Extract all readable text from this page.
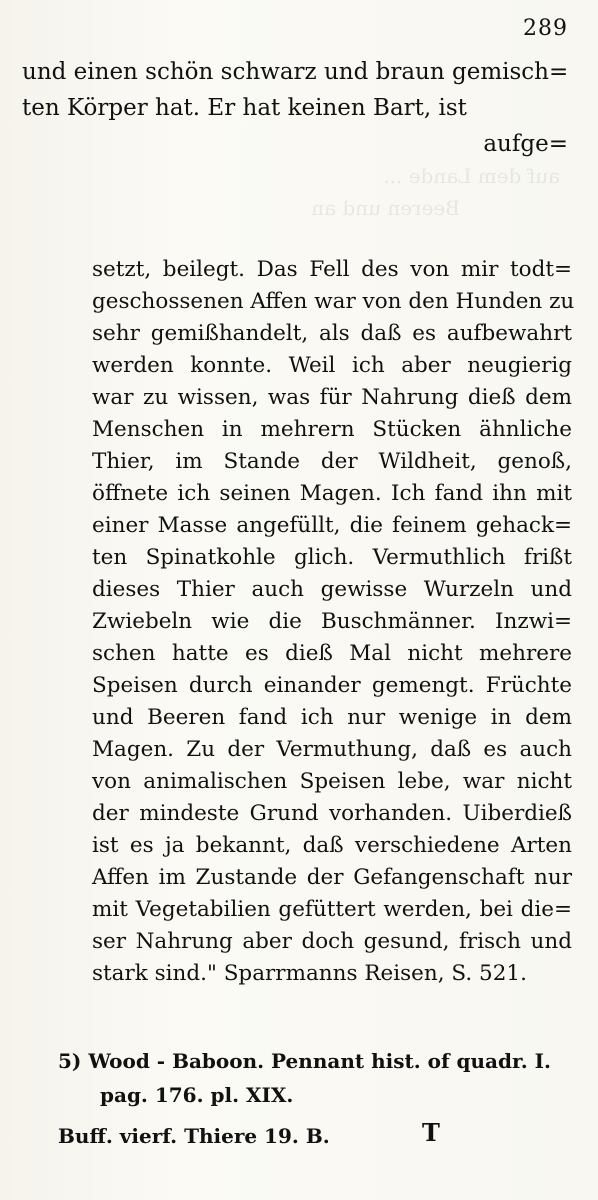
auf dem Lande ...
Beeren und an
289
und einen schön schwarz und braun gemisch=
ten Körper hat. Er hat keinen Bart, ist
aufge=
setzt, beilegt. Das Fell des von mir todt=
geschossenen Affen war von den Hunden zu
sehr gemißhandelt, als daß es aufbewahrt
werden konnte. Weil ich aber neugierig
war zu wissen, was für Nahrung dieß dem
Menschen in mehrern Stücken ähnliche
Thier, im Stande der Wildheit, genoß,
öffnete ich seinen Magen. Ich fand ihn mit
einer Masse angefüllt, die feinem gehack=
ten Spinatkohle glich. Vermuthlich frißt
dieses Thier auch gewisse Wurzeln und
Zwiebeln wie die Buschmänner. Inzwi=
schen hatte es dieß Mal nicht mehrere
Speisen durch einander gemengt. Früchte
und Beeren fand ich nur wenige in dem
Magen. Zu der Vermuthung, daß es auch
von animalischen Speisen lebe, war nicht
der mindeste Grund vorhanden. Uiberdieß
ist es ja bekannt, daß verschiedene Arten
Affen im Zustande der Gefangenschaft nur
mit Vegetabilien gefüttert werden, bei die=
ser Nahrung aber doch gesund, frisch und
stark sind." Sparrmanns Reisen, S. 521.
5) Wood - Baboon. Pennant hist. of quadr. I.
pag. 176. pl. XIX.
Buff. vierf. Thiere 19. B.	T
